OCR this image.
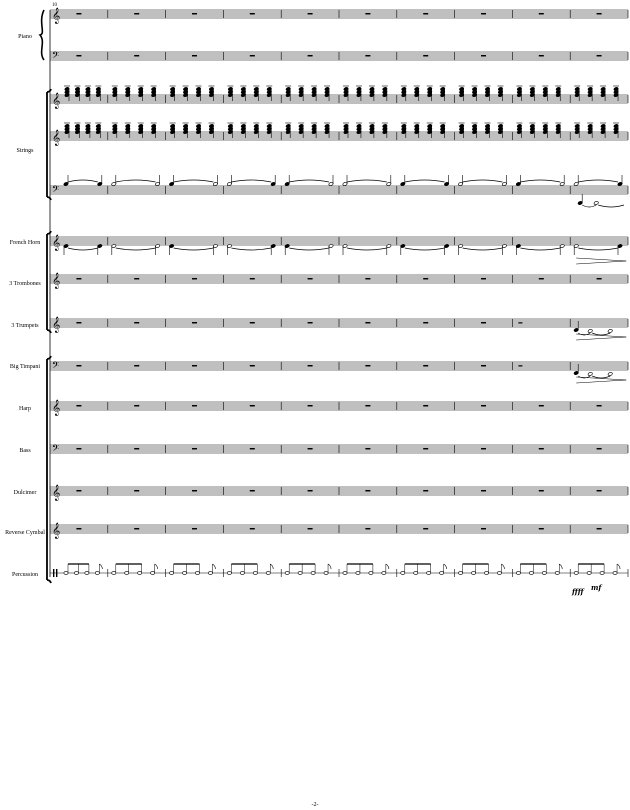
10
Piano
Strings
French Horn
3 Trombones
3 Trumpets
Big Timpani
Harp
Bass
Dulcimer
Reverse Cymbal
Percussion
𝄞
𝄢
𝄞
𝄞
𝄢
𝄞
𝄞
𝄞
𝄢
𝄞
𝄢
𝄞
𝄞
ffff mf
-2-
